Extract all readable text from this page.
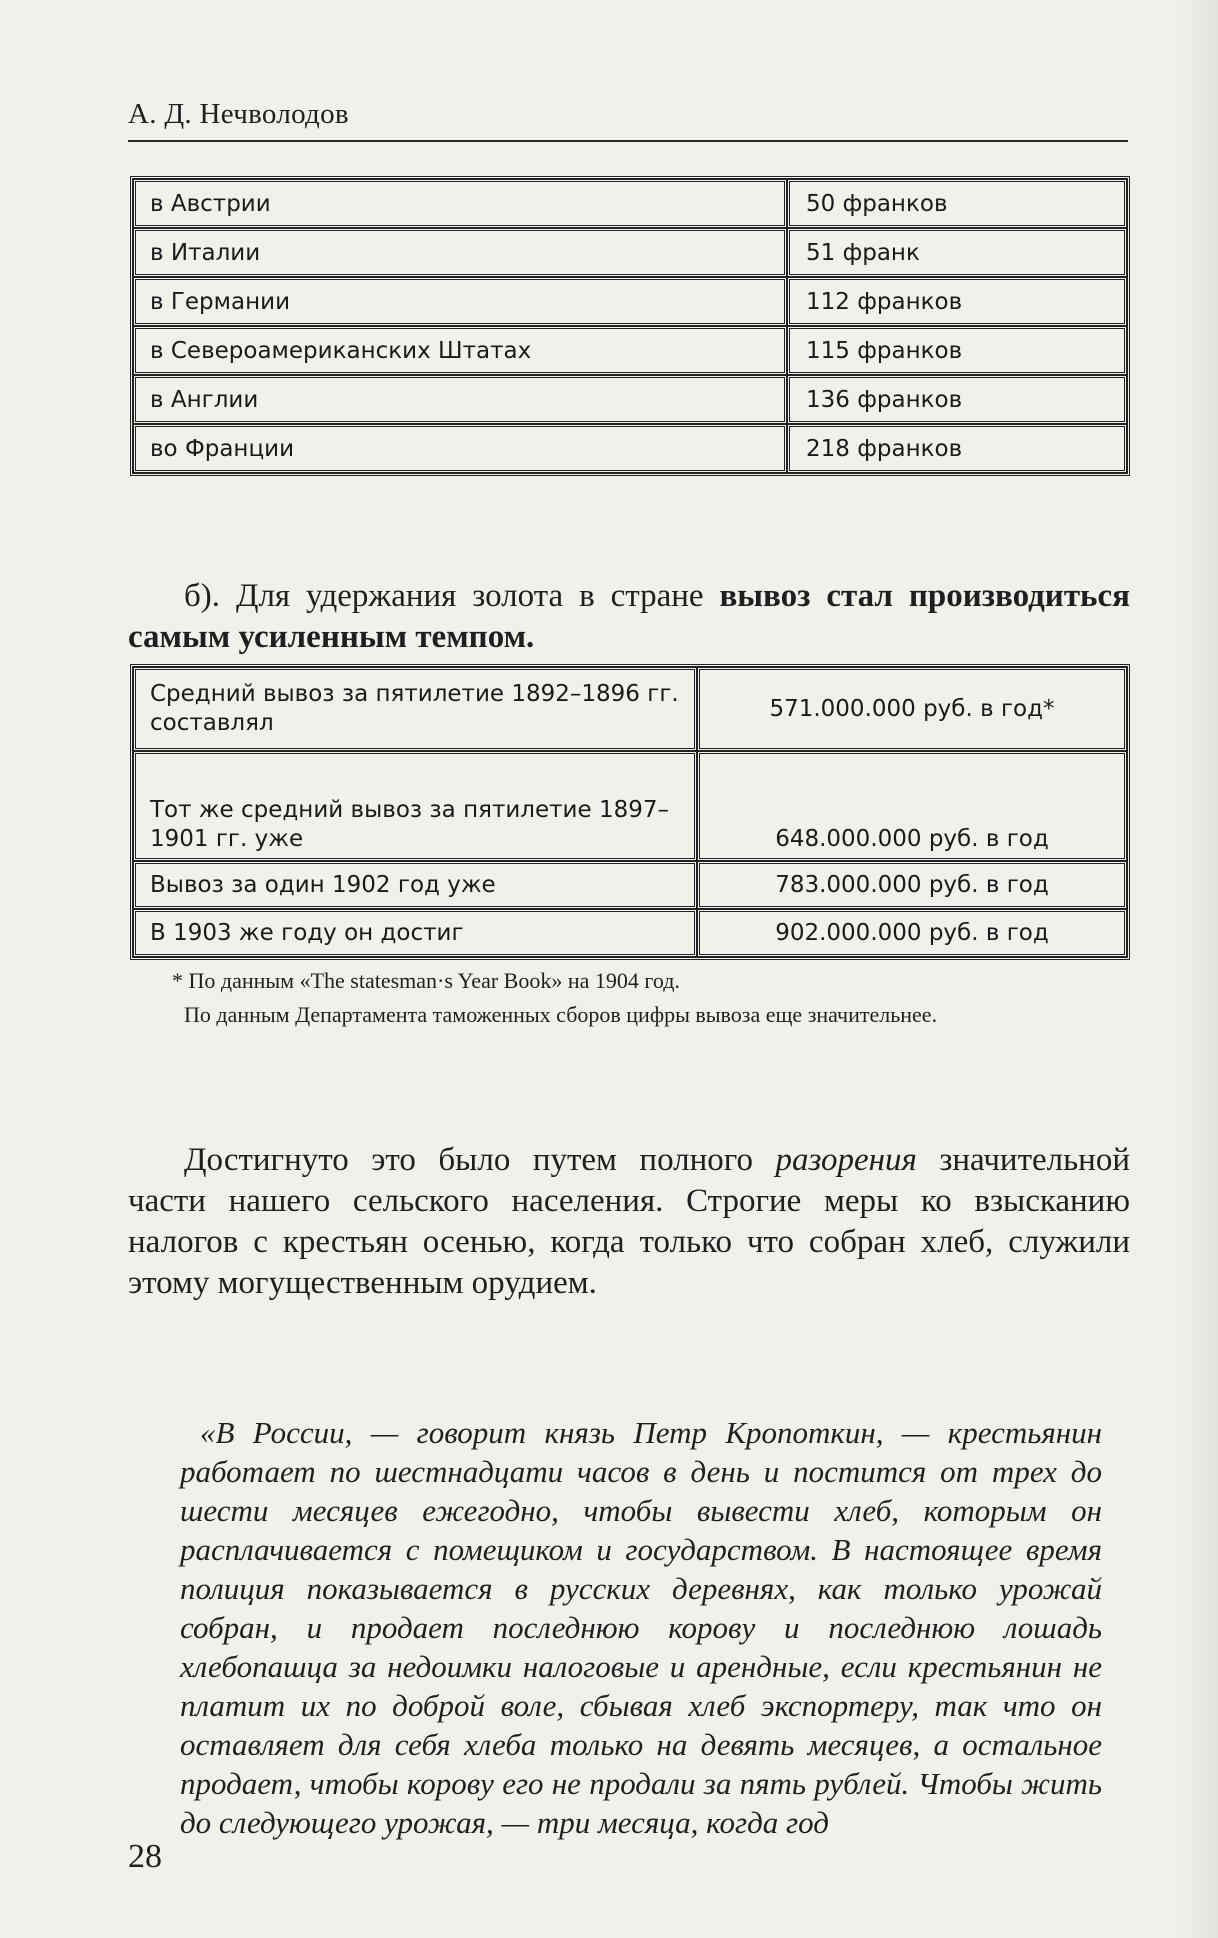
А. Д. Нечволодов
в Австрии	50 франков
в Италии	51 франк
в Германии	112 франков
в Североамериканских Штатах	115 франков
в Англии	136 франков
во Франции	218 франков
б). Для удержания золота в стране вывоз стал производиться самым усиленным темпом.
Средний вывоз за пятилетие 1892–1896 гг. составлял	571.000.000 руб. в год*
Тот же средний вывоз за пятилетие 1897–1901 гг. уже	648.000.000 руб. в год
Вывоз за один 1902 год уже	783.000.000 руб. в год
В 1903 же году он достиг	902.000.000 руб. в год
* По данным «The statesman·s Year Book» на 1904 год.
По данным Департамента таможенных сборов цифры вывоза еще значительнее.
Достигнуто это было путем полного разорения значительной части нашего сельского населения. Строгие меры ко взысканию налогов с крестьян осенью, когда только что собран хлеб, служили этому могущественным орудием.
«В России, — говорит князь Петр Кропоткин, — крестьянин работает по шестнадцати часов в день и постится от трех до шести месяцев ежегодно, чтобы вывести хлеб, которым он расплачивается с помещиком и государством. В настоящее время полиция показывается в русских деревнях, как только урожай собран, и продает последнюю корову и последнюю лошадь хлебопашца за недоимки налоговые и арендные, если крестьянин не платит их по доброй воле, сбывая хлеб экспортеру, так что он оставляет для себя хлеба только на девять месяцев, а остальное продает, чтобы корову его не продали за пять рублей. Чтобы жить до следующего урожая, — три месяца, когда год
28
